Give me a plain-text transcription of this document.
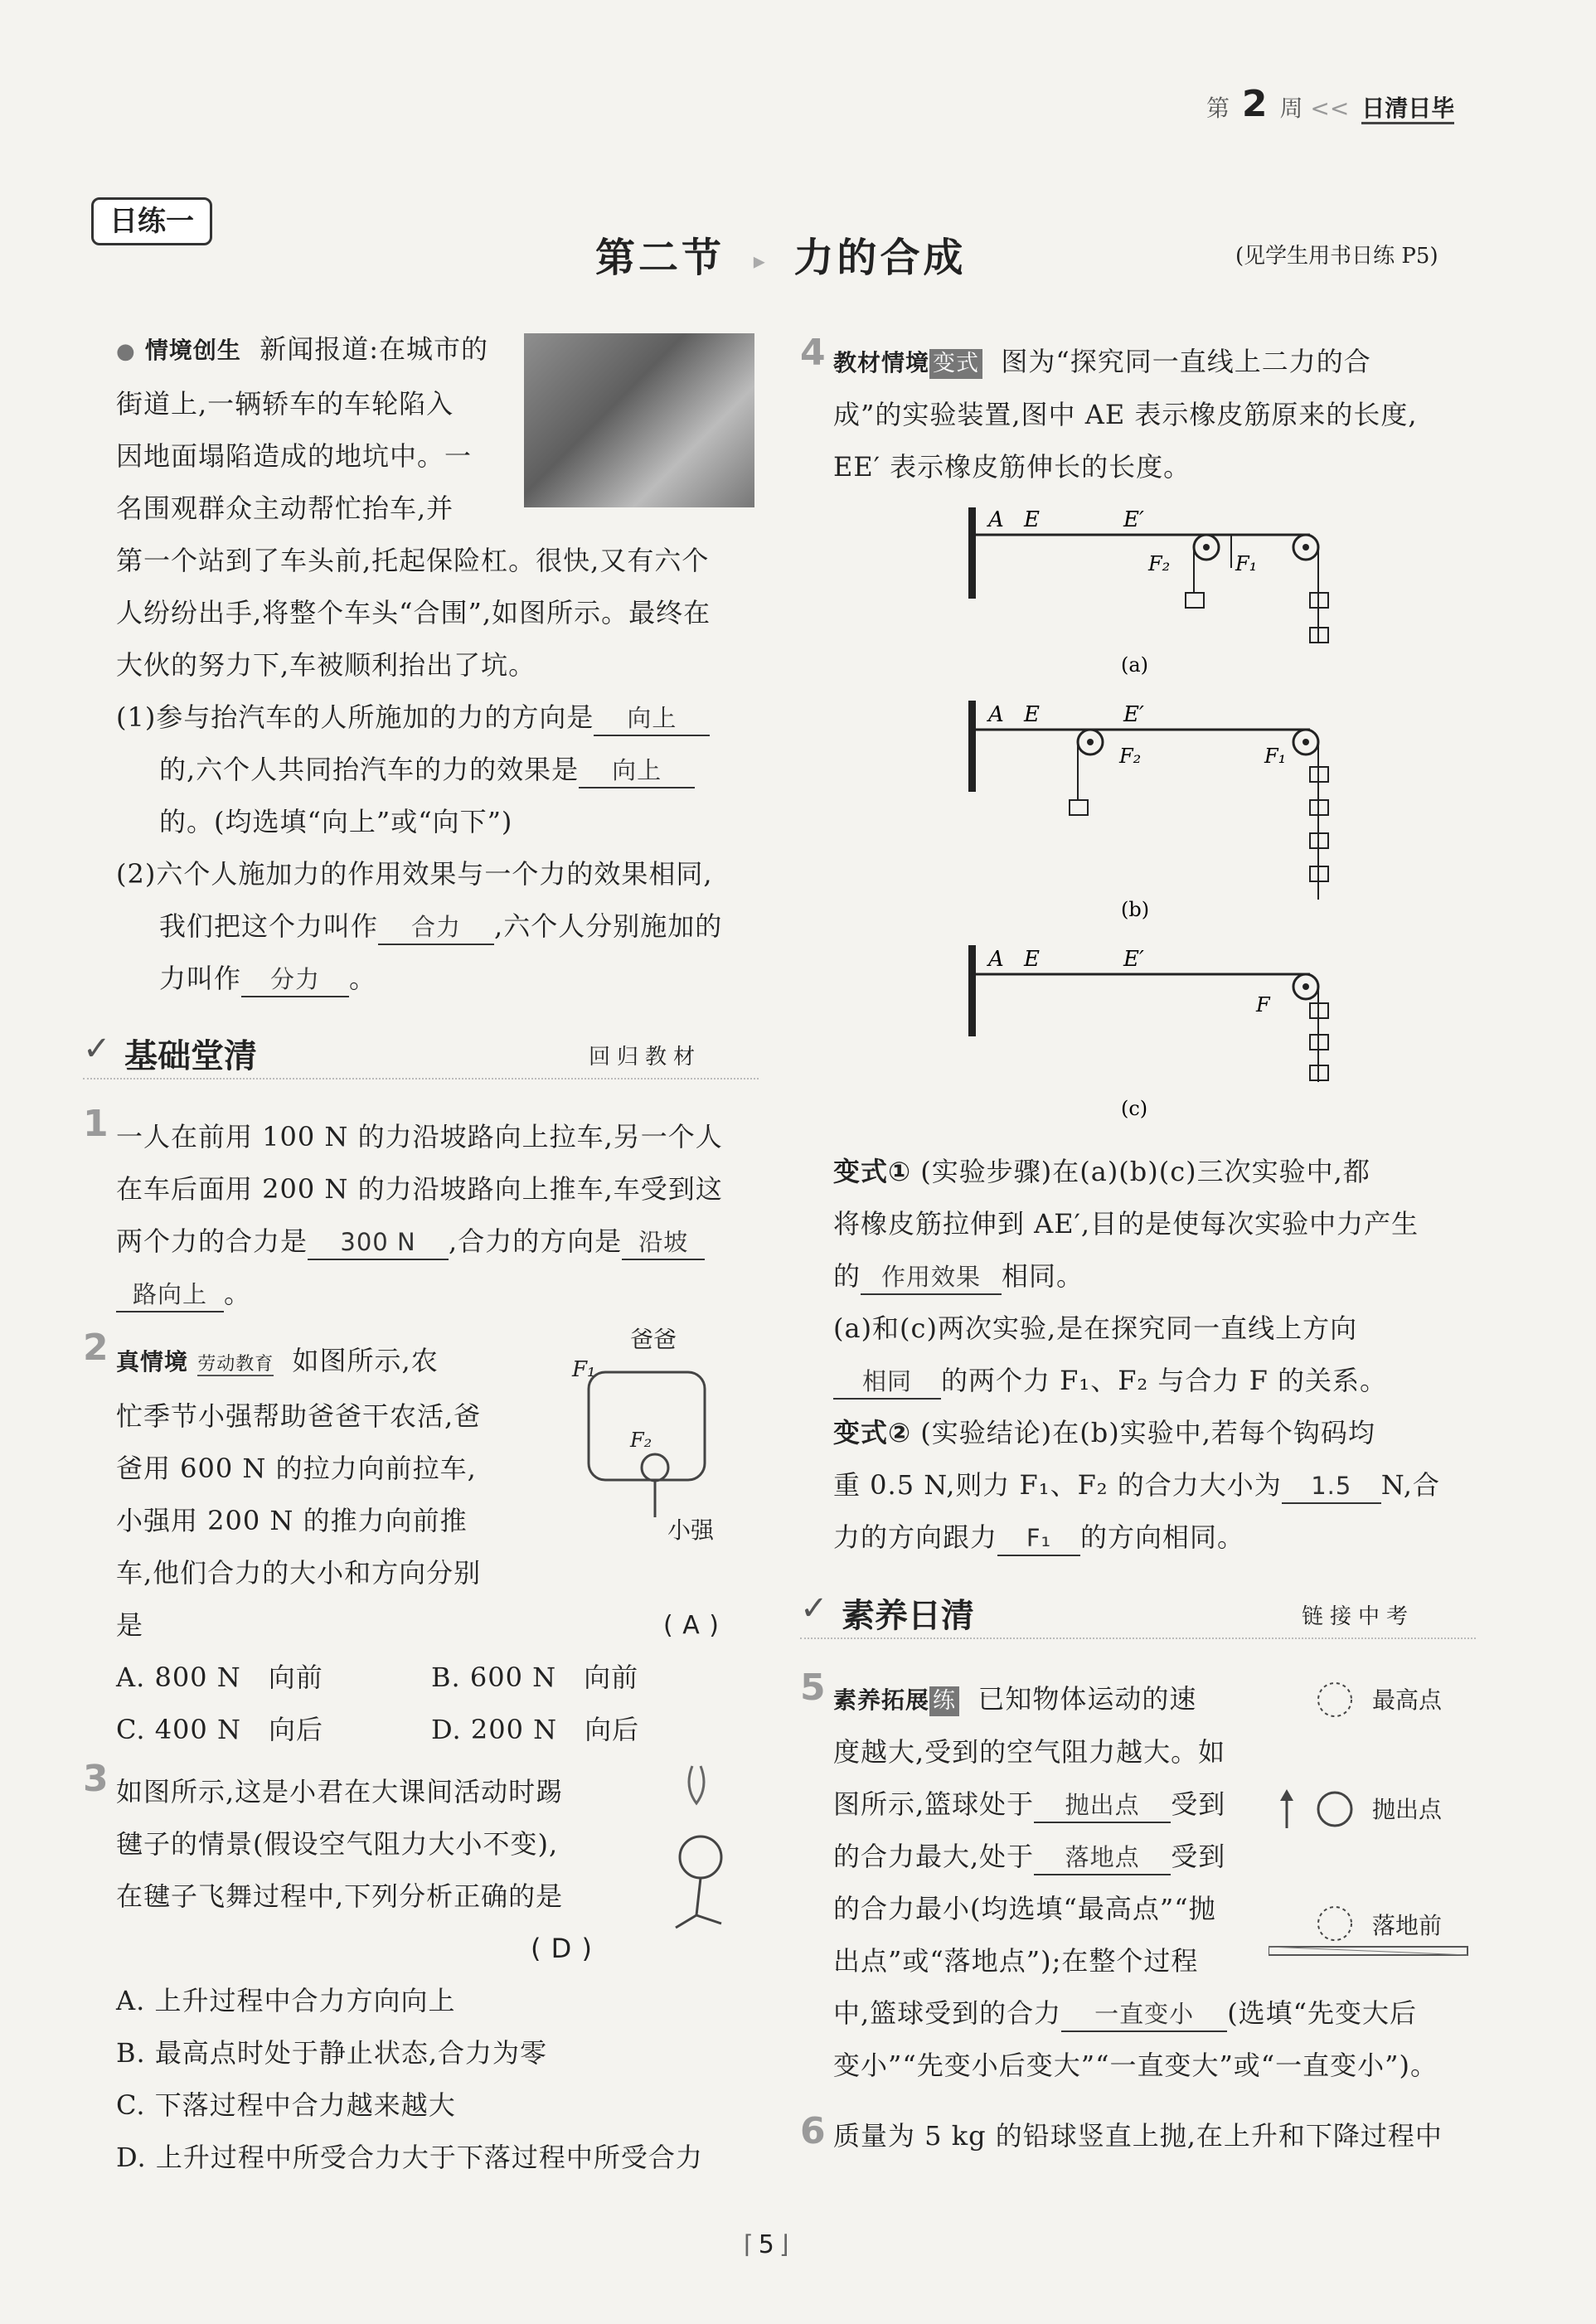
第 2 周 << 日清日毕
日练一
第二节 ▸ 力的合成	(见学生用书日练 P5)
● 情境创生 新闻报道:在城市的
街道上,一辆轿车的车轮陷入
因地面塌陷造成的地坑中。一
名围观群众主动帮忙抬车,并
第一个站到了车头前,托起保险杠。很快,又有六个
人纷纷出手,将整个车头“合围”,如图所示。最终在
大伙的努力下,车被顺利抬出了坑。
(1)参与抬汽车的人所施加的力的方向是 向上
的,六个人共同抬汽车的力的效果是 向上
的。(均选填“向上”或“向下”)
(2)六个人施加力的作用效果与一个力的效果相同,
我们把这个力叫作 合力 ,六个人分别施加的
力叫作 分力 。
✓ 基础堂清	回归教材
1 一人在前用 100 N 的力沿坡路向上拉车,另一个人
在车后面用 200 N 的力沿坡路向上推车,车受到这
两个力的合力是 300 N ,合力的方向是 沿坡
路向上 。
2 真情境 劳动教育 如图所示,农
忙季节小强帮助爸爸干农活,爸
爸用 600 N 的拉力向前拉车,
小强用 200 N 的推力向前推
车,他们合力的大小和方向分别
是	( A )
A. 800 N　向前	B. 600 N　向前
C. 400 N　向后	D. 200 N　向后
爸爸
F₁
F₂
小强
3 如图所示,这是小君在大课间活动时踢
毽子的情景(假设空气阻力大小不变),
在毽子飞舞过程中,下列分析正确的是
( D )
A. 上升过程中合力方向向上
B. 最高点时处于静止状态,合力为零
C. 下落过程中合力越来越大
D. 上升过程中所受合力大于下落过程中所受合力
4 教材情境 变式 图为“探究同一直线上二力的合
成”的实验装置,图中 AE 表示橡皮筋原来的长度,
EE′ 表示橡皮筋伸长的长度。
A E	E′
F₂	F₁
(a)
A E	E′
F₂	F₁
(b)
A E	E′
F
(c)
变式① (实验步骤)在(a)(b)(c)三次实验中,都
将橡皮筋拉伸到 AE′,目的是使每次实验中力产生
的 作用效果 相同。
(a)和(c)两次实验,是在探究同一直线上方向
相同 的两个力 F₁、F₂ 与合力 F 的关系。
变式② (实验结论)在(b)实验中,若每个钩码均
重 0.5 N,则力 F₁、F₂ 的合力大小为 1.5 N,合
力的方向跟力 F₁ 的方向相同。
✓ 素养日清	链接中考
5 素养拓展 练 已知物体运动的速
度越大,受到的空气阻力越大。如
图所示,篮球处于 抛出点 受到
的合力最大,处于 落地点 受到
的合力最小(均选填“最高点”“抛
出点”或“落地点”);在整个过程
中,篮球受到的合力 一直变小 (选填“先变大后
变小”“先变小后变大”“一直变大”或“一直变小”)。
最高点
抛出点
落地前
6 质量为 5 kg 的铅球竖直上抛,在上升和下降过程中
⌈ 5 ⌋
